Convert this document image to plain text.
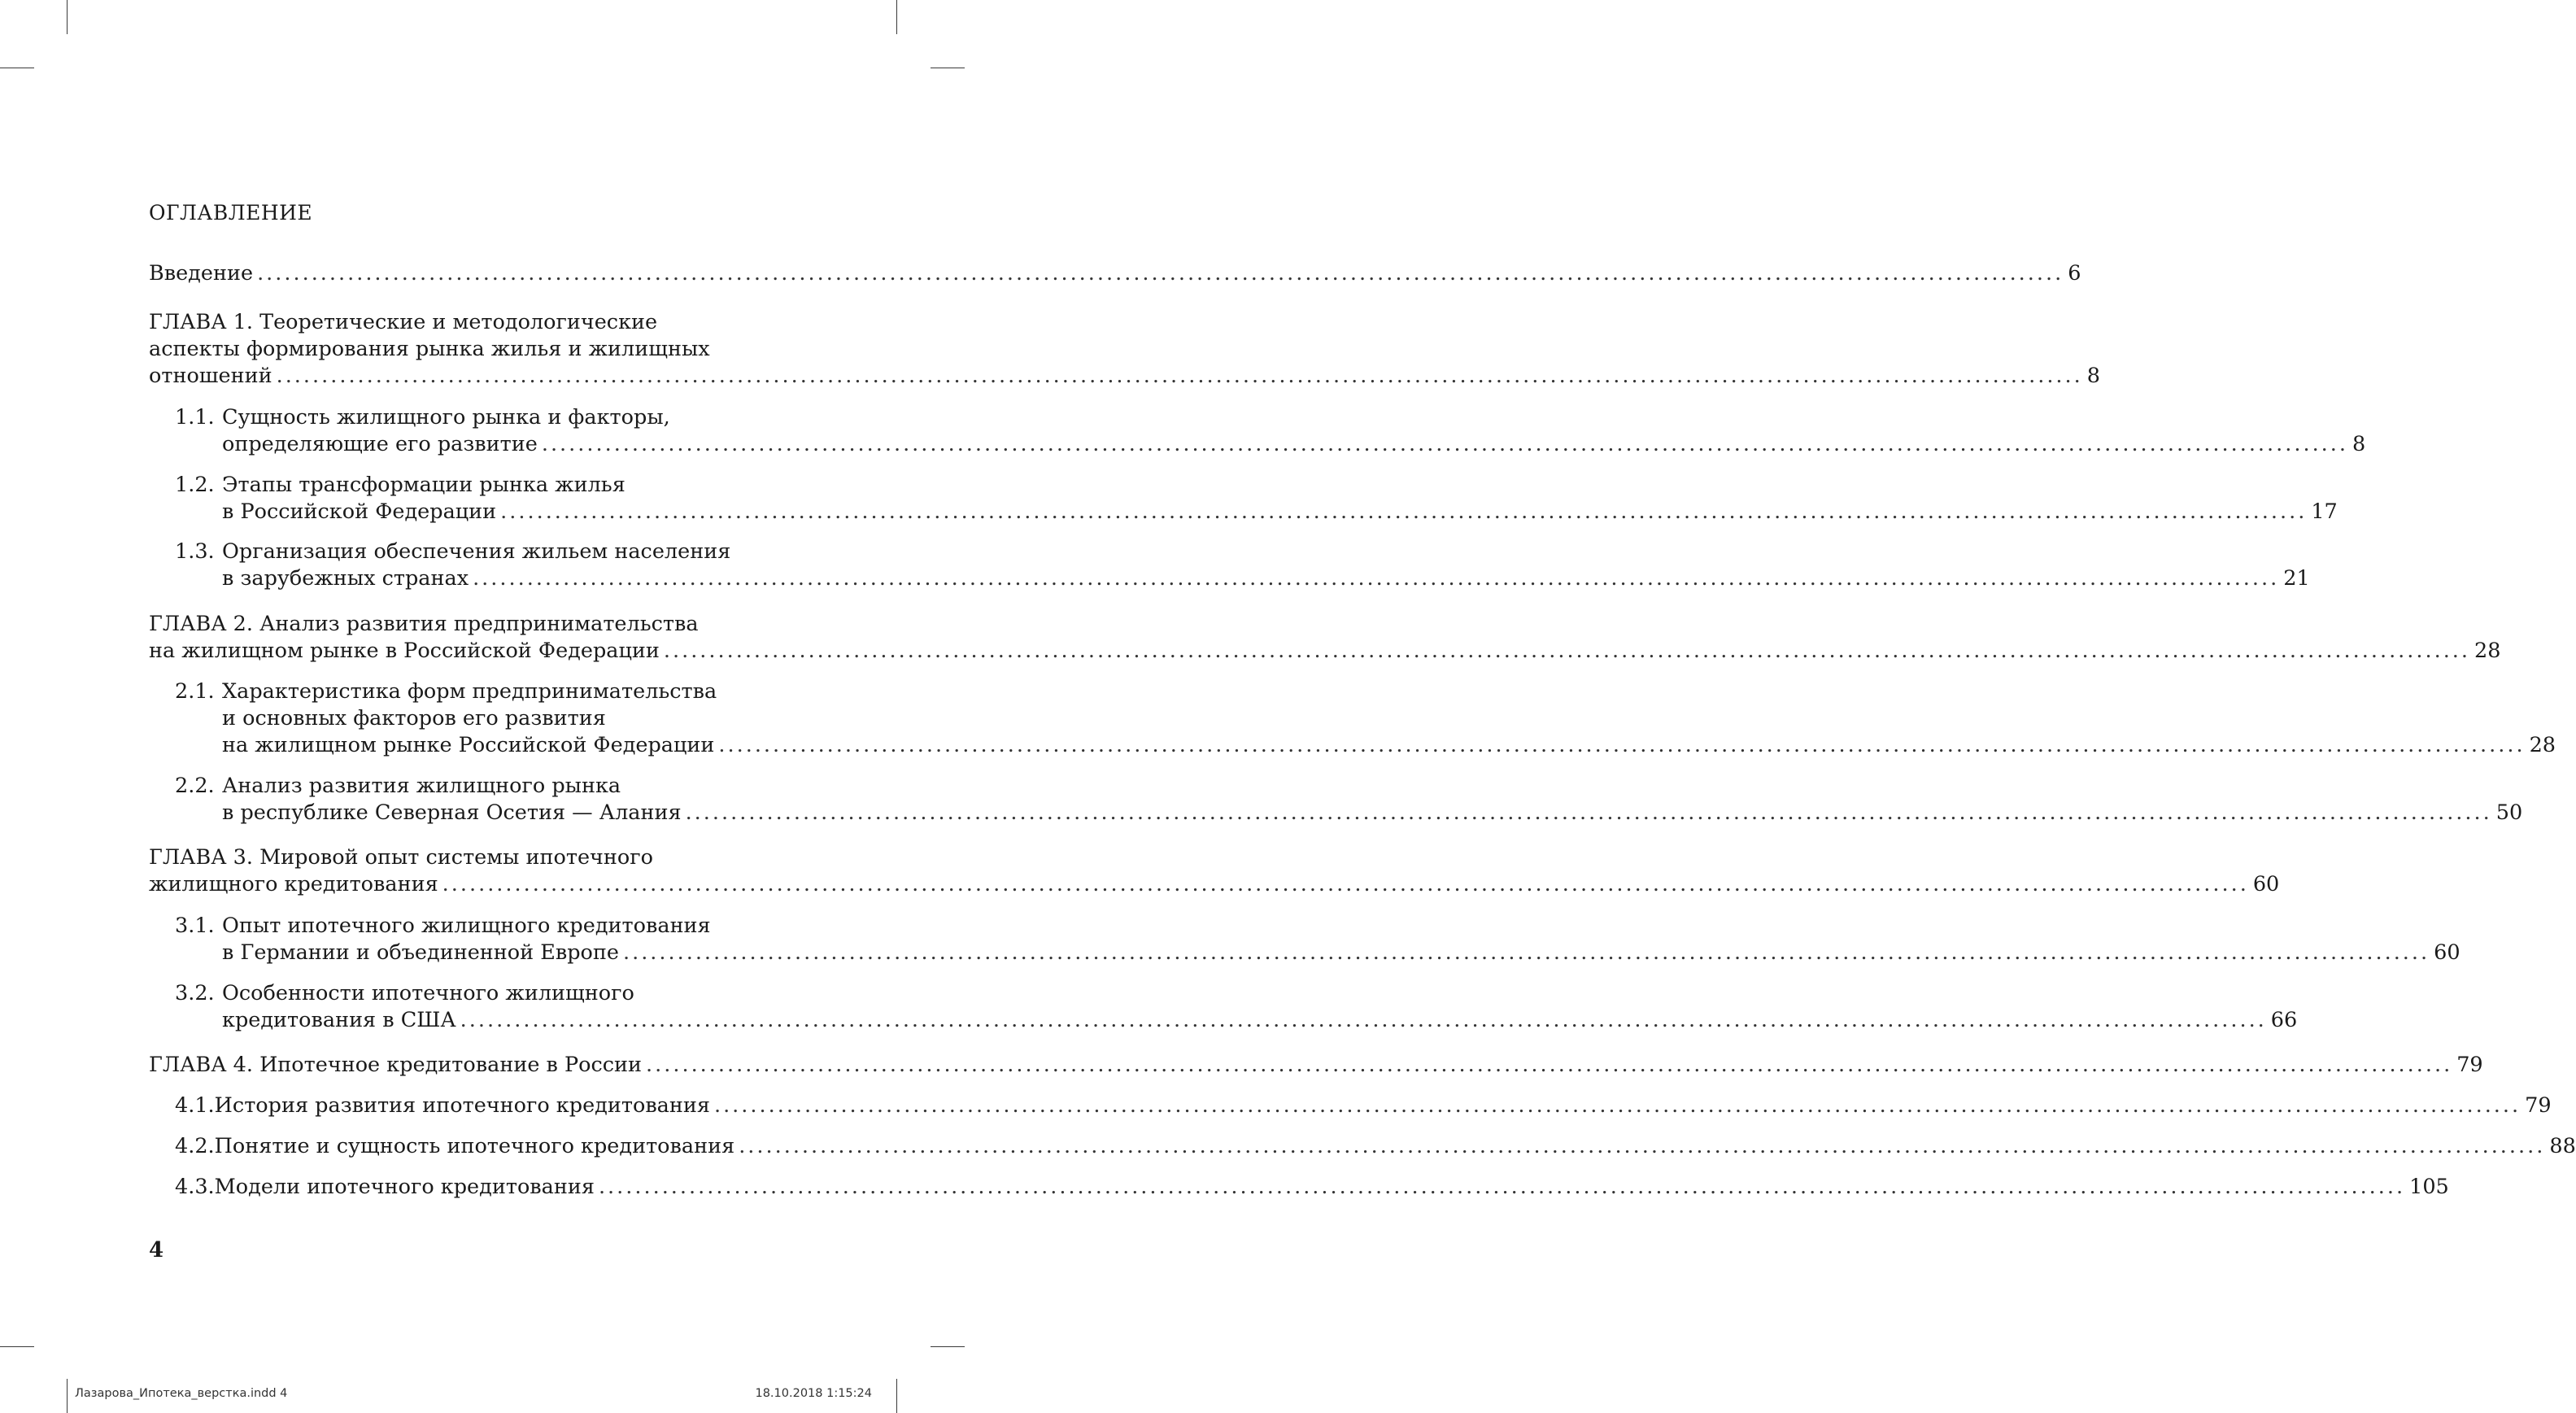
ОГЛАВЛЕНИЕ
Введение ........................................................................................................................................................................................................ 6
ГЛАВА 1. Теоретические и методологические
аспекты формирования рынка жилья и жилищных
отношений ........................................................................................................................................................................................................ 8
1.1. Сущность жилищного рынка и факторы,
определяющие его развитие ........................................................................................................................................................................................................ 8
1.2. Этапы трансформации рынка жилья
в Российской Федерации ........................................................................................................................................................................................................ 17
1.3. Организация обеспечения жильем населения
в зарубежных странах ........................................................................................................................................................................................................ 21
ГЛАВА 2. Анализ развития предпринимательства
на жилищном рынке в Российской Федерации ........................................................................................................................................................................................................ 28
2.1. Характеристика форм предпринимательства
и основных факторов его развития
на жилищном рынке Российской Федерации ........................................................................................................................................................................................................ 28
2.2. Анализ развития жилищного рынка
в республике Северная Осетия — Алания ........................................................................................................................................................................................................ 50
ГЛАВА 3. Мировой опыт системы ипотечного
жилищного кредитования ........................................................................................................................................................................................................ 60
3.1. Опыт ипотечного жилищного кредитования
в Германии и объединенной Европе ........................................................................................................................................................................................................ 60
3.2. Особенности ипотечного жилищного
кредитования в США ........................................................................................................................................................................................................ 66
ГЛАВА 4. Ипотечное кредитование в России ........................................................................................................................................................................................................ 79
4.1. История развития ипотечного кредитования ........................................................................................................................................................................................................ 79
4.2. Понятие и сущность ипотечного кредитования ........................................................................................................................................................................................................ 88
4.3. Модели ипотечного кредитования ........................................................................................................................................................................................................ 105
4
Лазарова_Ипотека_верстка.indd 4	18.10.2018 1:15:24
